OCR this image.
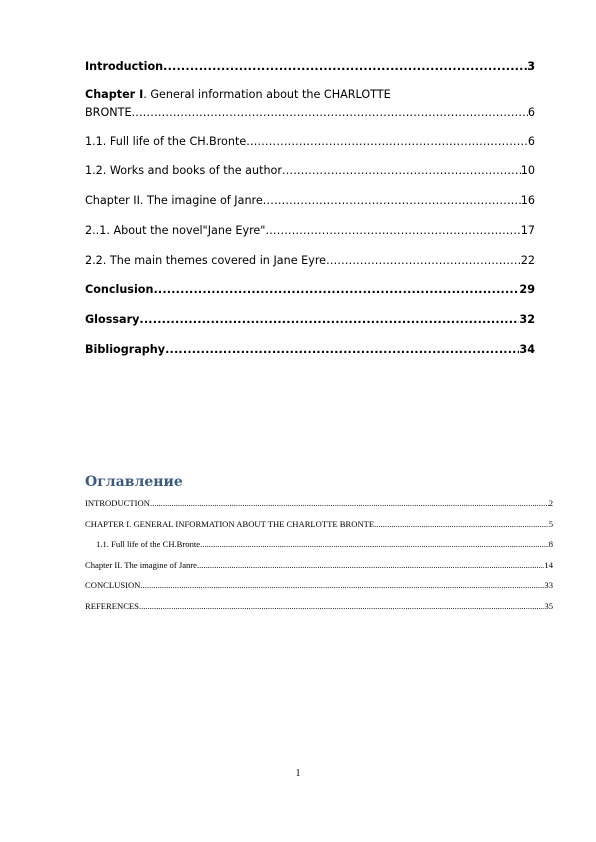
Introduction .....	3
Chapter I. General information about the CHARLOTTE
BRONTE .....	6
1.1. Full life of the CH.Bronte .....	6
1.2. Works and books of the author .....	10
Chapter II. The imagine of Janre .....	16
2..1. About the novel"Jane Eyre" .....	17
2.2. The main themes covered in Jane Eyre .....	22
Conclusion .....	29
Glossary .....	32
Bibliography .....	34
Оглавление
INTRODUCTION .....	2
CHAPTER I. GENERAL INFORMATION ABOUT THE CHARLOTTE BRONTE .....	5
1.1. Full life of the CH.Bronte .....	8
Chapter II. The imagine of Janre .....	14
CONCLUSION .....	33
REFERENCES .....	35
1
